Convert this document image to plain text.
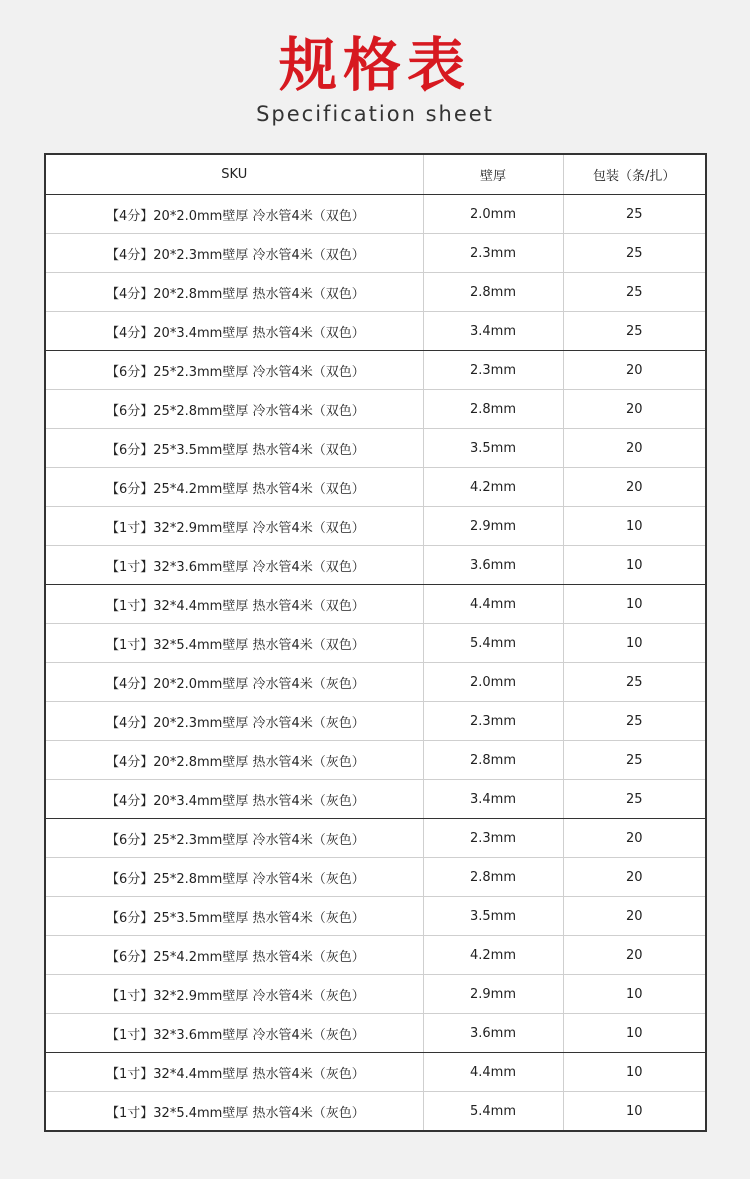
规格表
Specification sheet
SKU	壁厚	包装（条/扎）
【4分】20*2.0mm壁厚 冷水管4米（双色）	2.0mm	25
【4分】20*2.3mm壁厚 冷水管4米（双色）	2.3mm	25
【4分】20*2.8mm壁厚 热水管4米（双色）	2.8mm	25
【4分】20*3.4mm壁厚 热水管4米（双色）	3.4mm	25
【6分】25*2.3mm壁厚 冷水管4米（双色）	2.3mm	20
【6分】25*2.8mm壁厚 冷水管4米（双色）	2.8mm	20
【6分】25*3.5mm壁厚 热水管4米（双色）	3.5mm	20
【6分】25*4.2mm壁厚 热水管4米（双色）	4.2mm	20
【1寸】32*2.9mm壁厚 冷水管4米（双色）	2.9mm	10
【1寸】32*3.6mm壁厚 冷水管4米（双色）	3.6mm	10
【1寸】32*4.4mm壁厚 热水管4米（双色）	4.4mm	10
【1寸】32*5.4mm壁厚 热水管4米（双色）	5.4mm	10
【4分】20*2.0mm壁厚 冷水管4米（灰色）	2.0mm	25
【4分】20*2.3mm壁厚 冷水管4米（灰色）	2.3mm	25
【4分】20*2.8mm壁厚 热水管4米（灰色）	2.8mm	25
【4分】20*3.4mm壁厚 热水管4米（灰色）	3.4mm	25
【6分】25*2.3mm壁厚 冷水管4米（灰色）	2.3mm	20
【6分】25*2.8mm壁厚 冷水管4米（灰色）	2.8mm	20
【6分】25*3.5mm壁厚 热水管4米（灰色）	3.5mm	20
【6分】25*4.2mm壁厚 热水管4米（灰色）	4.2mm	20
【1寸】32*2.9mm壁厚 冷水管4米（灰色）	2.9mm	10
【1寸】32*3.6mm壁厚 冷水管4米（灰色）	3.6mm	10
【1寸】32*4.4mm壁厚 热水管4米（灰色）	4.4mm	10
【1寸】32*5.4mm壁厚 热水管4米（灰色）	5.4mm	10
